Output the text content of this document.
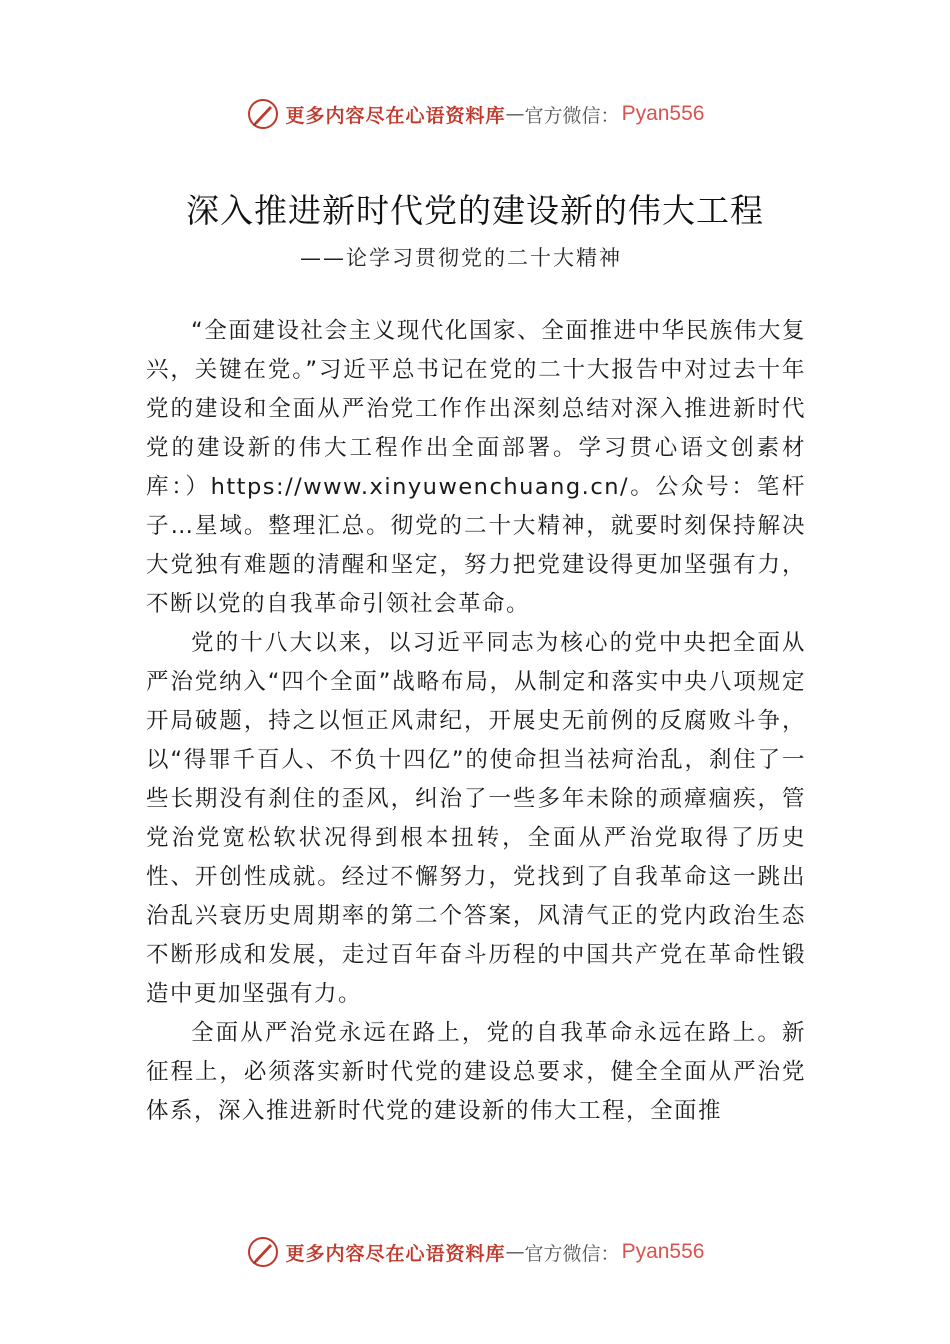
更多内容尽在心语资料库 — 官方微信： Pyan556
深入推进新时代党的建设新的伟大工程
——论学习贯彻党的二十大精神

“全面建设社会主义现代化国家、全面推进中华民族伟大复兴，关键在党。”习近平总书记在党的二十大报告中对过去十年党的建设和全面从严治党工作作出深刻总结对深入推进新时代党的建设新的伟大工程作出全面部署。学习贯心语文创素材库：）https://www.xinyuwenchuang.cn/。公众号：笔杆子…星域。整理汇总。彻党的二十大精神，就要时刻保持解决大党独有难题的清醒和坚定，努力把党建设得更加坚强有力，不断以党的自我革命引领社会革命。

党的十八大以来，以习近平同志为核心的党中央把全面从严治党纳入“四个全面”战略布局，从制定和落实中央八项规定开局破题，持之以恒正风肃纪，开展史无前例的反腐败斗争，以“得罪千百人、不负十四亿”的使命担当祛疴治乱，刹住了一些长期没有刹住的歪风，纠治了一些多年未除的顽瘴痼疾，管党治党宽松软状况得到根本扭转，全面从严治党取得了历史性、开创性成就。经过不懈努力，党找到了自我革命这一跳出治乱兴衰历史周期率的第二个答案，风清气正的党内政治生态不断形成和发展，走过百年奋斗历程的中国共产党在革命性锻造中更加坚强有力。

全面从严治党永远在路上，党的自我革命永远在路上。新征程上，必须落实新时代党的建设总要求，健全全面从严治党体系，深入推进新时代党的建设新的伟大工程，全面推

更多内容尽在心语资料库 — 官方微信： Pyan556
